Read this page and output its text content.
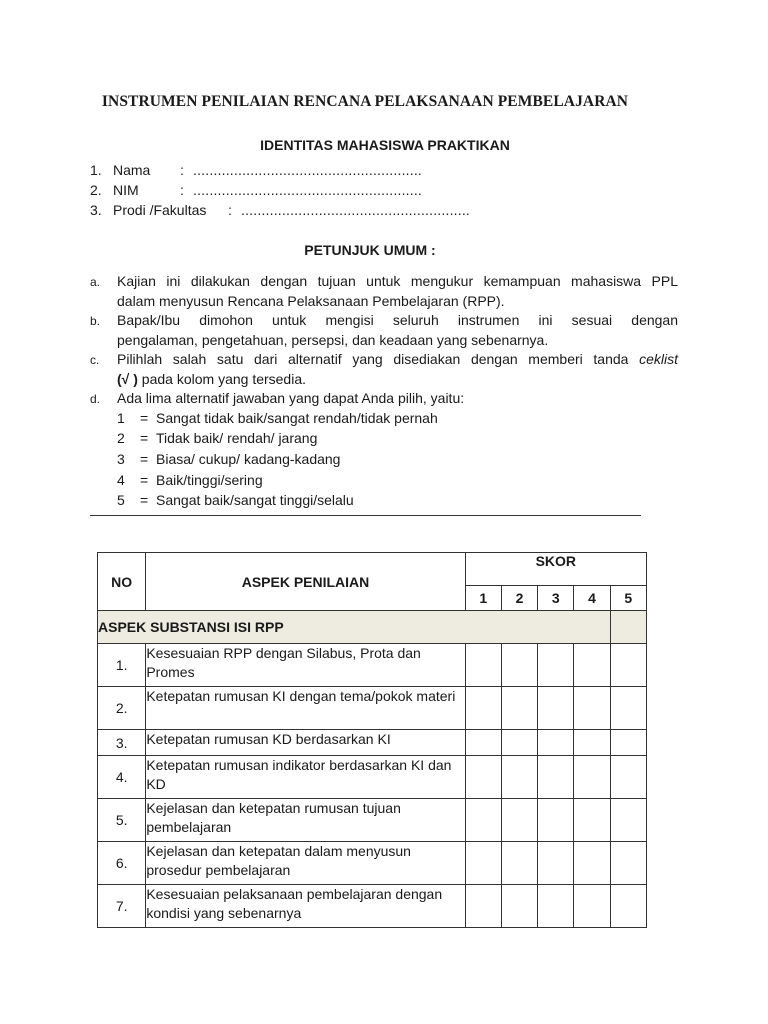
INSTRUMEN PENILAIAN RENCANA PELAKSANAAN PEMBELAJARAN
IDENTITAS MAHASISWA PRAKTIKAN
1. Nama : ........................................................
2. NIM	: ........................................................
3. Prodi /Fakultas : ........................................................
PETUNJUK UMUM :
a. Kajian ini dilakukan dengan tujuan untuk mengukur kemampuan mahasiswa PPL
dalam menyusun Rencana Pelaksanaan Pembelajaran (RPP).
b. Bapak/Ibu dimohon untuk mengisi seluruh instrumen ini sesuai dengan
pengalaman, pengetahuan, persepsi, dan keadaan yang sebenarnya.
c. Pilihlah salah satu dari alternatif yang disediakan dengan memberi tanda ceklist
(√ ) pada kolom yang tersedia.
d. Ada lima alternatif jawaban yang dapat Anda pilih, yaitu:
1 = Sangat tidak baik/sangat rendah/tidak pernah
2 = Tidak baik/ rendah/ jarang
3 = Biasa/ cukup/ kadang-kadang
4 = Baik/tinggi/sering
5 = Sangat baik/sangat tinggi/selalu
NO	ASPEK PENILAIAN	SKOR				
		1	2	3	4	5
ASPEK SUBSTANSI ISI RPP						
1.	Kesesuaian RPP dengan Silabus, Prota dan Promes					
2.	Ketepatan rumusan KI dengan tema/pokok materi					
3.	Ketepatan rumusan KD berdasarkan KI					
4.	Ketepatan rumusan indikator berdasarkan KI dan KD					
5.	Kejelasan dan ketepatan rumusan tujuan pembelajaran					
6.	Kejelasan dan ketepatan dalam menyusun prosedur pembelajaran					
7.	Kesesuaian pelaksanaan pembelajaran dengan kondisi yang sebenarnya					
